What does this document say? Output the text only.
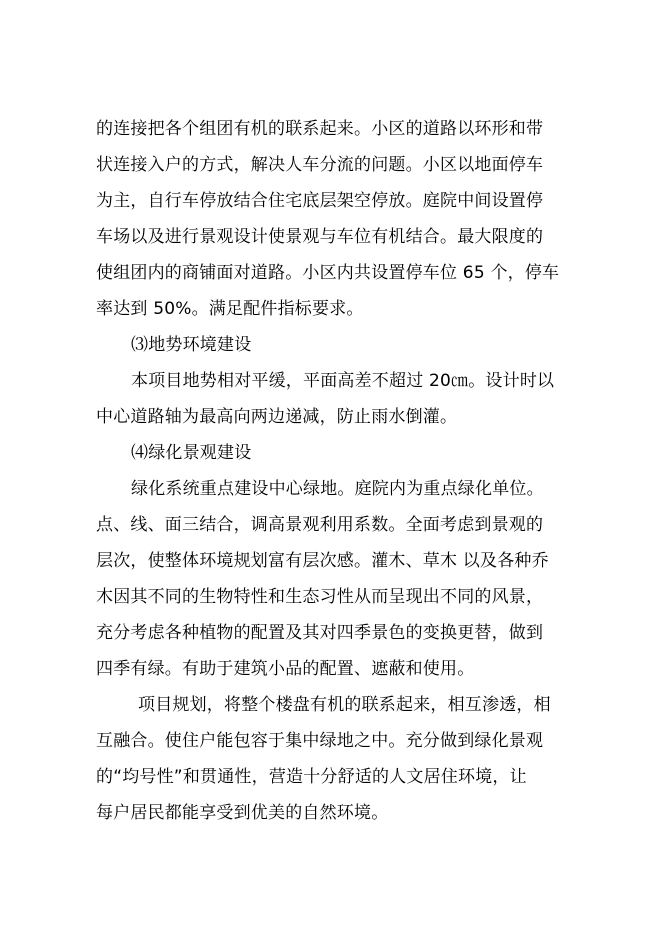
的连接把各个组团有机的联系起来。小区的道路以环形和带
状连接入户的方式，解决人车分流的问题。小区以地面停车
为主，自行车停放结合住宅底层架空停放。庭院中间设置停
车场以及进行景观设计使景观与车位有机结合。最大限度的
使组团内的商铺面对道路。小区内共设置停车位 65 个，停车
率达到 50%。满足配件指标要求。
⑶地势环境建设
本项目地势相对平缓，平面高差不超过 20㎝。设计时以
中心道路轴为最高向两边递减，防止雨水倒灌。
⑷绿化景观建设
绿化系统重点建设中心绿地。庭院内为重点绿化单位。
点、线、面三结合，调高景观利用系数。全面考虑到景观的
层次，使整体环境规划富有层次感。灌木、草木 以及各种乔
木因其不同的生物特性和生态习性从而呈现出不同的风景，
充分考虑各种植物的配置及其对四季景色的变换更替，做到
四季有绿。有助于建筑小品的配置、遮蔽和使用。
项目规划，将整个楼盘有机的联系起来，相互渗透，相
互融合。使住户能包容于集中绿地之中。充分做到绿化景观
的“均号性”和贯通性，营造十分舒适的人文居住环境，让
每户居民都能享受到优美的自然环境。
